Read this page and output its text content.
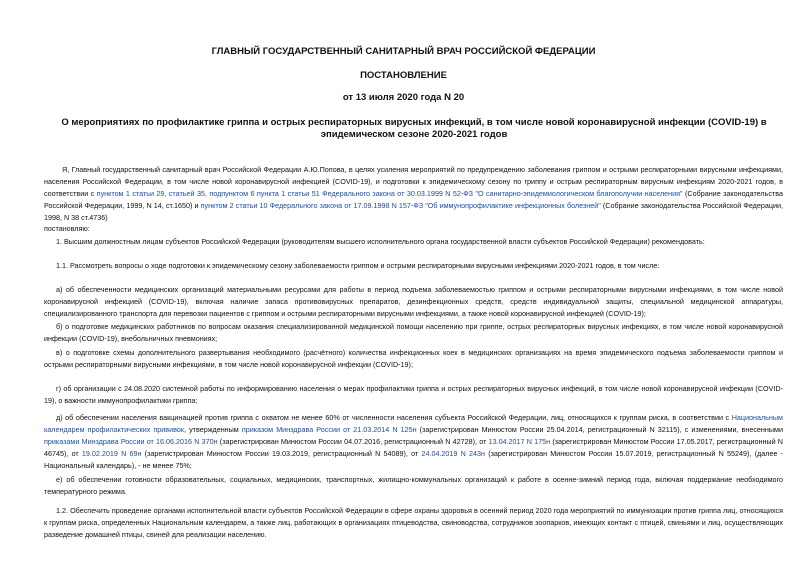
ГЛАВНЫЙ ГОСУДАРСТВЕННЫЙ САНИТАРНЫЙ ВРАЧ РОССИЙСКОЙ ФЕДЕРАЦИИ
ПОСТАНОВЛЕНИЕ
от 13 июля 2020 года N 20
О мероприятиях по профилактике гриппа и острых респираторных вирусных инфекций, в том числе новой коронавирусной инфекции (COVID-19) в эпидемическом сезоне 2020-2021 годов
Я, Главный государственный санитарный врач Российской Федерации А.Ю.Попова, в целях усиления мероприятий по предупреждению заболевания гриппом и острыми респираторными вирусными инфекциями, населения Российской Федерации, в том числе новой коронавирусной инфекцией (COVID-19), и подготовки к эпидемическому сезону по гриппу и острым респираторным вирусным инфекциям 2020-2021 годов, в соответствии с пунктом 1 статьи 29, статьей 35, подпунктом 6 пункта 1 статьи 51 Федерального закона от 30.03.1999 N 52-ФЗ "О санитарно-эпидемиологическом благополучии населения" (Собрание законодательства Российской Федерации, 1999, N 14, ст.1650) и пунктом 2 статьи 10 Федерального закона от 17.09.1998 N 157-ФЗ "Об иммунопрофилактике инфекционных болезней" (Собрание законодательства Российской Федерации, 1998, N 38 ст.4736)
постановляю:
1. Высшим должностным лицам субъектов Российской Федерации (руководителям высшего исполнительного органа государственной власти субъектов Российской Федерации) рекомендовать:
1.1. Рассмотреть вопросы о ходе подготовки к эпидемическому сезону заболеваемости гриппом и острыми респираторными вирусными инфекциями 2020-2021 годов, в том числе:
а) об обеспеченности медицинских организаций материальными ресурсами для работы в период подъема заболеваемостью гриппом и острыми респираторными вирусными инфекциями, в том числе новой коронавирусной инфекцией (COVID-19), включая наличие запаса противовирусных препаратов, дезинфекционных средств, средств индивидуальной защиты, специальной медицинской аппаратуры, специализированного транспорта для перевозки пациентов с гриппом и острыми респираторными вирусными инфекциями, а также новой коронавирусной инфекцией (COVID-19);
б) о подготовке медицинских работников по вопросам оказания специализированной медицинской помощи населению при гриппе, острых респираторных вирусных инфекциях, в том числе новой коронавирусной инфекции (COVID-19), внебольничных пневмониях;
в) о подготовке схемы дополнительного развертывания необходимого (расчётного) количества инфекционных коек в медицинских организациях на время эпидемического подъема заболеваемости гриппом и острыми респираторными вирусными инфекциями, в том числе новой коронавирусной инфекции (COVID-19);
г) об организации с 24.08.2020 системной работы по информированию населения о мерах профилактики гриппа и острых респираторных вирусных инфекций, в том числе новой коронавирусной инфекции (COVID-19), о важности иммунопрофилактики гриппа;
д) об обеспечении населения вакцинацией против гриппа с охватом не менее 60% от численности населения субъекта Российской Федерации, лиц, относящихся к группам риска, в соответствии с Национальным календарем профилактических прививок, утвержденным приказом Минздрава России от 21.03.2014 N 125н (зарегистрирован Минюстом России 25.04.2014, регистрационный N 32115), с изменениями, внесенными приказами Минздрава России от 16.06.2016 N 370н (зарегистрирован Минюстом России 04.07.2016, регистрационный N 42728), от 13.04.2017 N 175н (зарегистрирован Минюстом России 17.05.2017, регистрационный N 46745), от 19.02.2019 N 69н (зарегистрирован Минюстом России 19.03.2019, регистрационный N 54089), от 24.04.2019 N 243н (зарегистрирован Минюстом России 15.07.2019, регистрационный N 55249), (далее - Национальный календарь), - не менее 75%;
е) об обеспечении готовности образовательных, социальных, медицинских, транспортных, жилищно-коммунальных организаций к работе в осенне-зимний период года, включая поддержание необходимого температурного режима.
1.2. Обеспечить проведение органами исполнительной власти субъектов Российской Федерации в сфере охраны здоровья в осенний период 2020 года мероприятий по иммунизации против гриппа лиц, относящихся к группам риска, определенных Национальным календарем, а также лиц, работающих в организациях птицеводства, свиноводства, сотрудников зоопарков, имеющих контакт с птицей, свиньями и лиц, осуществляющих разведение домашней птицы, свиней для реализации населению.
